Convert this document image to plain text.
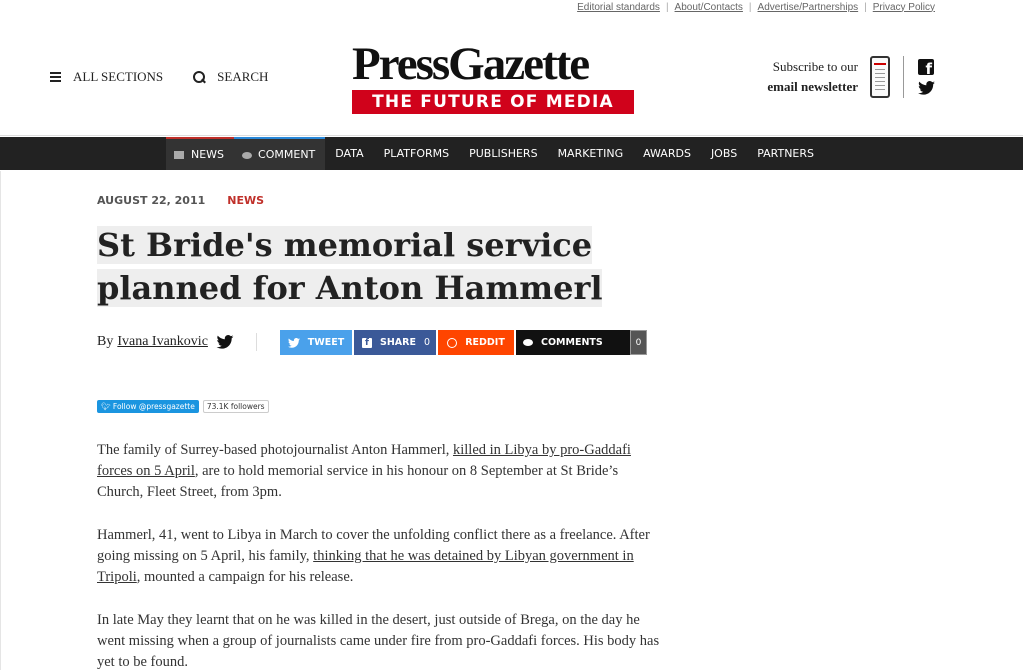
Editorial standards | About/Contacts | Advertise/Partnerships | Privacy Policy
ALL SECTIONS	SEARCH PressGazette
THE FUTURE OF MEDIA
Subscribe to our
email newsletter
f
NEWS	COMMENT	DATA	PLATFORMS	PUBLISHERS	MARKETING	AWARDS	JOBS	PARTNERS
AUGUST 22, 2011 NEWS
St Bride's memorial service
planned for Anton Hammerl
By Ivana Ivankovic	TWEET	f	SHARE 0	REDDIT	COMMENTS	0
🐦︎ Follow @pressgazette	73.1K followers

The family of Surrey-based photojournalist Anton Hammerl, killed in Libya by pro-Gaddafi forces on 5 April, are to hold memorial service in his honour on 8 September at St Bride’s Church, Fleet Street, from 3pm.

Hammerl, 41, went to Libya in March to cover the unfolding conflict there as a freelance. After going missing on 5 April, his family, thinking that he was detained by Libyan government in Tripoli, mounted a campaign for his release.

In late May they learnt that on he was killed in the desert, just outside of Brega, on the day he went missing when a group of journalists came under fire from pro-Gaddafi forces. His body has yet to be found.
